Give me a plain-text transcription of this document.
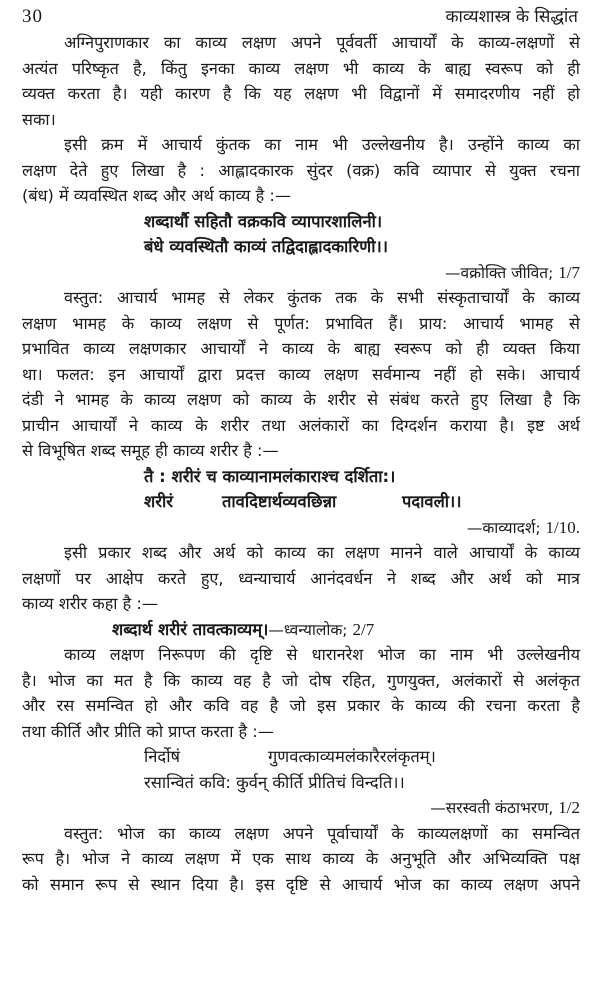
30	काव्यशास्त्र के सिद्धांत
अग्निपुराणकार का काव्य लक्षण अपने पूर्ववर्ती आचार्यों के काव्य-लक्षणों से
अत्यंत परिष्कृत है, किंतु इनका काव्य लक्षण भी काव्य के बाह्य स्वरूप को ही
व्यक्त करता है। यही कारण है कि यह लक्षण भी विद्वानों में समादरणीय नहीं हो
सका।
इसी क्रम में आचार्य कुंतक का नाम भी उल्लेखनीय है। उन्होंने काव्य का
लक्षण देते हुए लिखा है : आह्लादकारक सुंदर (वक्र) कवि व्यापार से युक्त रचना
(बंध) में व्यवस्थित शब्द और अर्थ काव्य है :—
शब्दार्थौ सहितौ वक्रकवि व्यापारशालिनी।
बंधे व्यवस्थितौ काव्यं तद्विदाह्लादकारिणी।।
—वक्रोक्ति जीवित; 1/7
वस्तुत: आचार्य भामह से लेकर कुंतक तक के सभी संस्कृताचार्यों के काव्य
लक्षण भामह के काव्य लक्षण से पूर्णत: प्रभावित हैं। प्राय: आचार्य भामह से
प्रभावित काव्य लक्षणकार आचार्यों ने काव्य के बाह्य स्वरूप को ही व्यक्त किया
था। फलत: इन आचार्यों द्वारा प्रदत्त काव्य लक्षण सर्वमान्य नहीं हो सके। आचार्य
दंडी ने भामह के काव्य लक्षण को काव्य के शरीर से संबंध करते हुए लिखा है कि
प्राचीन आचार्यों ने काव्य के शरीर तथा अलंकारों का दिग्दर्शन कराया है। इष्ट अर्थ
से विभूषित शब्द समूह ही काव्य शरीर है :—
तै : शरीरं च काव्यानामलंकाराश्च दर्शिता:।
शरीरं	तावदिष्टार्थव्यवछिन्ना	पदावली।।
—काव्यादर्श; 1/10.
इसी प्रकार शब्द और अर्थ को काव्य का लक्षण मानने वाले आचार्यों के काव्य
लक्षणों पर आक्षेप करते हुए, ध्वन्याचार्य आनंदवर्धन ने शब्द और अर्थ को मात्र
काव्य शरीर कहा है :—
शब्दार्थ शरीरं तावत्काव्यम्।—ध्वन्यालोक; 2/7
काव्य लक्षण निरूपण की दृष्टि से धारानरेश भोज का नाम भी उल्लेखनीय
है। भोज का मत है कि काव्य वह है जो दोष रहित, गुणयुक्त, अलंकारों से अलंकृत
और रस समन्वित हो और कवि वह है जो इस प्रकार के काव्य की रचना करता है
तथा कीर्ति और प्रीति को प्राप्त करता है :—
निर्दोषं	गुणवत्काव्यमलंकारैरलंकृतम्।
रसान्वितं कवि: कुर्वन् कीर्ति प्रीतिचं विन्दति।।
—सरस्वती कंठाभरण, 1/2
वस्तुत: भोज का काव्य लक्षण अपने पूर्वाचार्यों के काव्यलक्षणों का समन्वित
रूप है। भोज ने काव्य लक्षण में एक साथ काव्य के अनुभूति और अभिव्यक्ति पक्ष
को समान रूप से स्थान दिया है। इस दृष्टि से आचार्य भोज का काव्य लक्षण अपने
